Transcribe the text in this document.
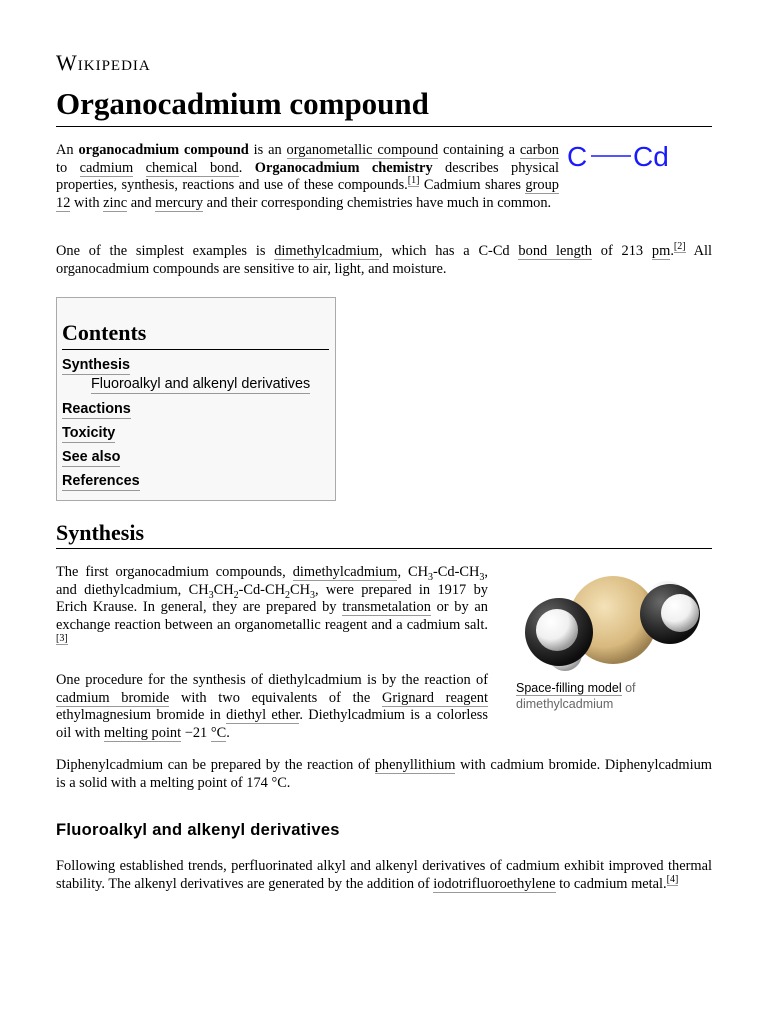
Wikipedia
Organocadmium compound

An organocadmium compound is an organometallic compound containing a carbon to cadmium chemical bond. Organocadmium chemistry describes physical properties, synthesis, reactions and use of these compounds.[1] Cadmium shares group 12 with zinc and mercury and their corresponding chemistries have much in common.

C Cd

One of the simplest examples is dimethylcadmium, which has a C-Cd bond length of 213 pm.[2] All organocadmium compounds are sensitive to air, light, and moisture.

Contents
Synthesis
Fluoroalkyl and alkenyl derivatives
Reactions
Toxicity
See also
References
Synthesis

The first organocadmium compounds, dimethylcadmium, $CH_3-Cd-CH_3$, and diethylcadmium, $CH_3CH_2-Cd-CH_2CH_3$, were prepared in 1917 by Erich Krause. In general, they are prepared by transmetalation or by an exchange reaction between an organometallic reagent and a cadmium salt.[3]

Space-filling model of dimethylcadmium

One procedure for the synthesis of diethylcadmium is by the reaction of cadmium bromide with two equivalents of the Grignard reagent ethylmagnesium bromide in diethyl ether. Diethylcadmium is a colorless oil with melting point −21 °C.

Diphenylcadmium can be prepared by the reaction of phenyllithium with cadmium bromide. Diphenylcadmium is a solid with a melting point of 174 °C.

Fluoroalkyl and alkenyl derivatives

Following established trends, perfluorinated alkyl and alkenyl derivatives of cadmium exhibit improved thermal stability. The alkenyl derivatives are generated by the addition of iodotrifluoroethylene to cadmium metal.[4]
